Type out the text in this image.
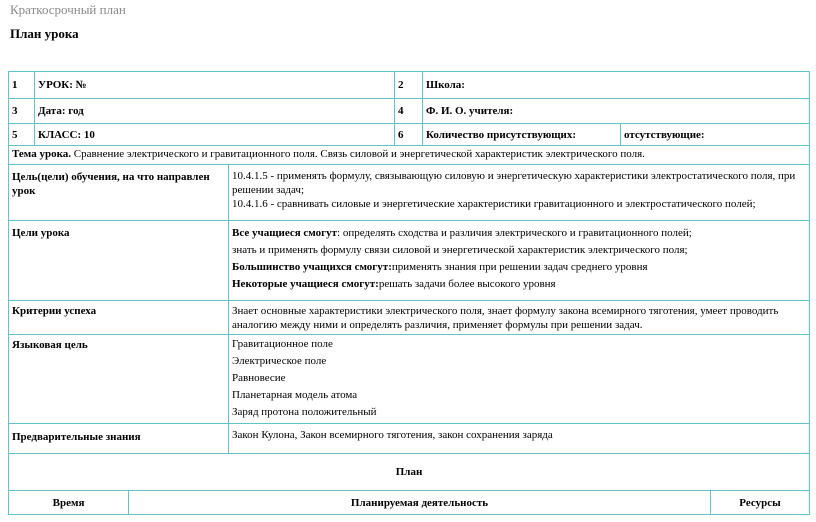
Краткосрочный план
План урока
1	УРОК: №			2	Школа:		
3	Дата: год			4	Ф. И. О. учителя:		
5	КЛАСС: 10			6	Количество присутствующих:	отсутствующие:	
Тема урока. Сравнение электрического и гравитационного поля. Связь силовой и энергетической характеристик электрического поля.							
Цель(цели) обучения, на что направлен урок			10.4.1.5 - применять формулу, связывающую силовую и энергетическую характеристики электростатического поля, при решении задач;
10.4.1.6 - сравнивать силовые и энергетические характеристики гравитационного и электростатического полей;				

Цели урока			Все учащиеся смогут: определять сходства и различия электрического и гравитационного полей;
знать и применять формулу связи силовой и энергетической характеристик электрического поля;
Большинство учащихся смогут:применять знания при решении задач среднего уровня
Некоторые учащиеся смогут:решать задачи более высокого уровня				

Критерии успеха			Знает основные характеристики электрического поля, знает формулу закона всемирного тяготения, умеет проводить аналогию между ними и определять различия, применяет формулы при решении задач.				
Языковая цель			Гравитационное поле
Электрическое поле
Равновесие
Планетарная модель атома
Заряд протона положительный				

Предварительные знания			Закон Кулона, Закон всемирного тяготения, закон сохранения заряда				
План							
Время		Планируемая деятельность					Ресурсы
